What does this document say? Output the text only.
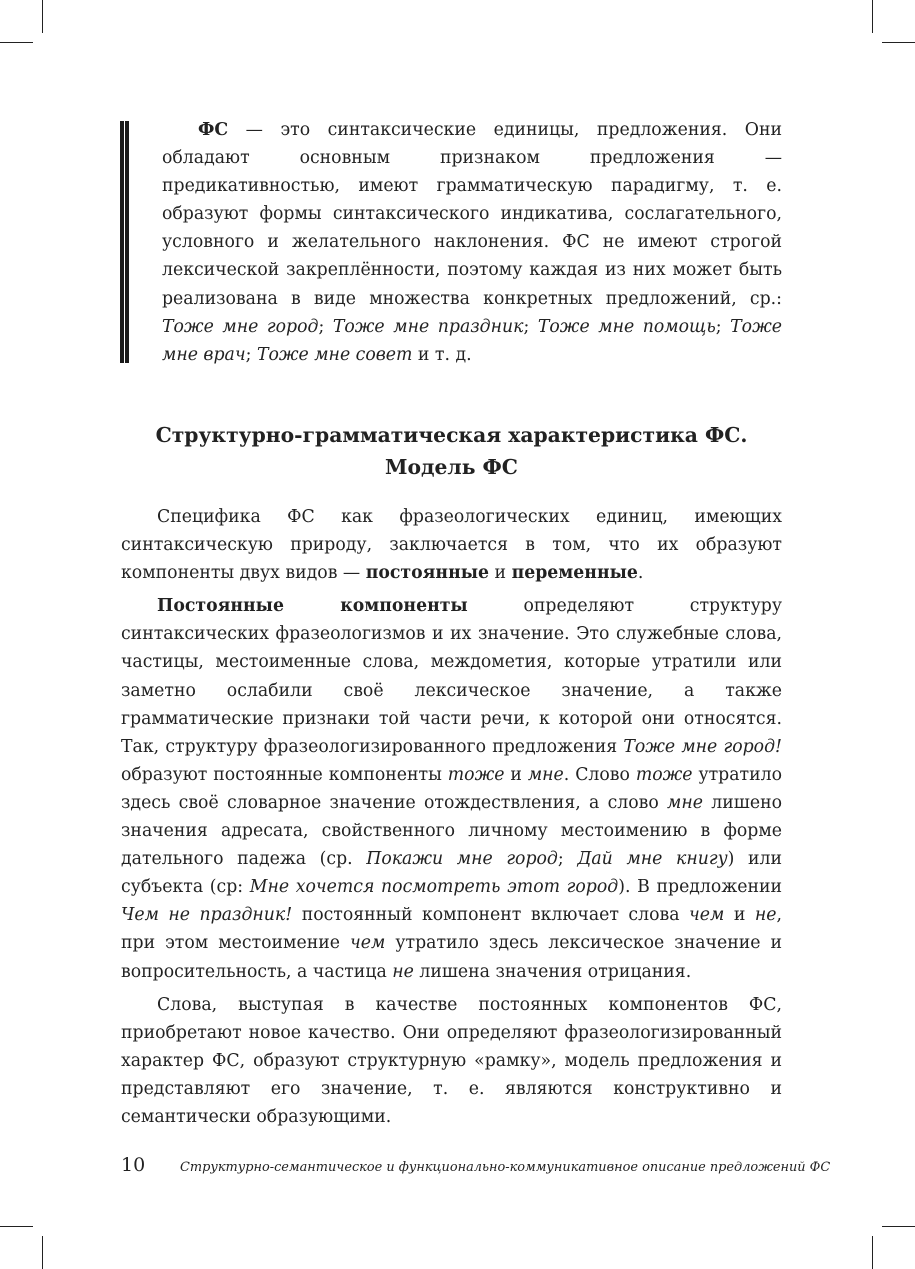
ФС — это синтаксические единицы, предложения. Они обладают основным признаком предложения — предикативностью, имеют грамматическую парадигму, т. е. образуют формы синтаксического индикатива, сослагательного, условного и желательного наклонения. ФС не имеют строгой лексической закреплённости, поэтому каждая из них может быть реализована в виде множества конкретных предложений, ср.: Тоже мне город; Тоже мне праздник; Тоже мне помощь; Тоже мне врач; Тоже мне совет и т. д.

Структурно-грамматическая характеристика ФС.
Модель ФС

Специфика ФС как фразеологических единиц, имеющих синтаксическую природу, заключается в том, что их образуют компоненты двух видов — постоянные и переменные.

Постоянные компоненты определяют структуру синтаксических фразеологизмов и их значение. Это служебные слова, частицы, местоименные слова, междометия, которые утратили или заметно ослабили своё лексическое значение, а также грамматические признаки той части речи, к которой они относятся. Так, структуру фразеологизированного предложения Тоже мне город! образуют постоянные компоненты тоже и мне. Слово тоже утратило здесь своё словарное значение отождествления, а слово мне лишено значения адресата, свойственного личному местоимению в форме дательного падежа (ср. Покажи мне город; Дай мне книгу) или субъекта (ср: Мне хочется посмотреть этот город). В предложении Чем не праздник! постоянный компонент включает слова чем и не, при этом местоимение чем утратило здесь лексическое значение и вопросительность, а частица не лишена значения отрицания.

Слова, выступая в качестве постоянных компонентов ФС, приобретают новое качество. Они определяют фразеологизированный характер ФС, образуют структурную «рамку», модель предложения и представляют его значение, т. е. являются конструктивно и семантически образующими.

10	Структурно-семантическое и функционально-коммуникативное описание предложений ФС
